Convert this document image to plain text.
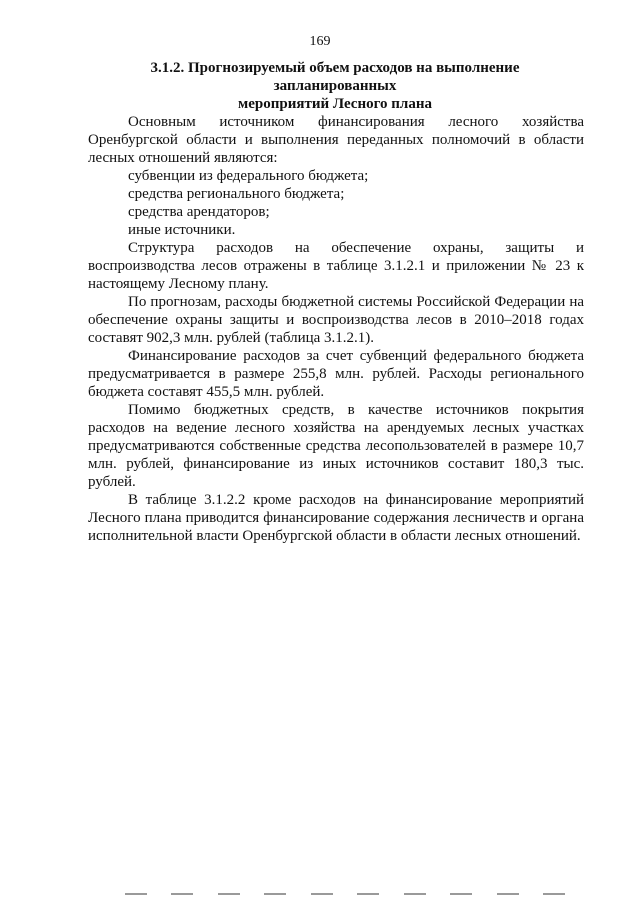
169
3.1.2. Прогнозируемый объем расходов на выполнение запланированных
мероприятий Лесного плана

Основным источником финансирования лесного хозяйства Оренбургской области и выполнения переданных полномочий в области лесных отношений являются:

субвенции из федерального бюджета;

средства регионального бюджета;

средства арендаторов;

иные источники.

Структура расходов на обеспечение охраны, защиты и воспроизводства лесов отражены в таблице 3.1.2.1 и приложении № 23 к настоящему Лесному плану.

По прогнозам, расходы бюджетной системы Российской Федерации на обеспечение охраны защиты и воспроизводства лесов в 2010–2018 годах составят 902,3 млн. рублей (таблица 3.1.2.1).

Финансирование расходов за счет субвенций федерального бюджета предусматривается в размере 255,8 млн. рублей. Расходы регионального бюджета составят 455,5 млн. рублей.

Помимо бюджетных средств, в качестве источников покрытия расходов на ведение лесного хозяйства на арендуемых лесных участках предусматриваются собственные средства лесопользователей в размере 10,7 млн. рублей, финансирование из иных источников составит 180,3 тыс. рублей.

В таблице 3.1.2.2 кроме расходов на финансирование мероприятий Лесного плана приводится финансирование содержания лесничеств и органа исполнительной власти Оренбургской области в области лесных отношений.
